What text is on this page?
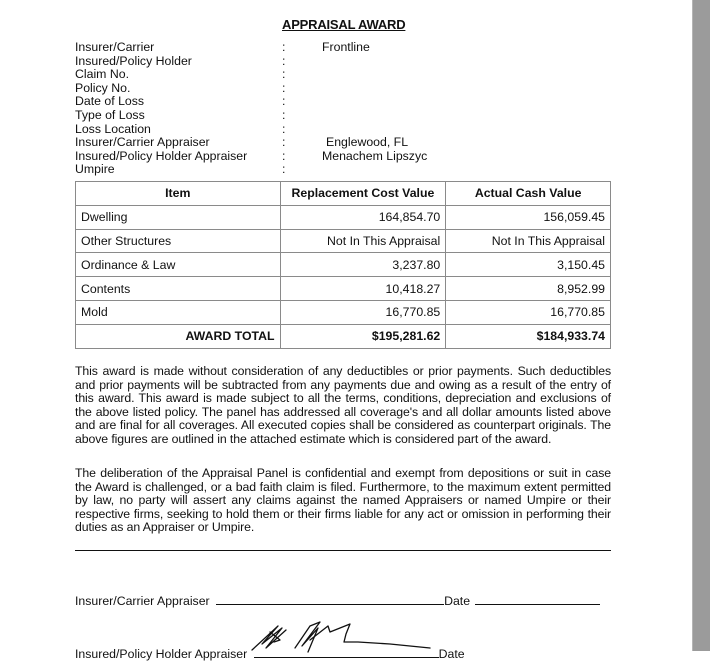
APPRAISAL AWARD
Insurer/Carrier	:	Frontline
Insured/Policy Holder	:
Claim No.	:
Policy No.	:
Date of Loss	:
Type of Loss	:
Loss Location	:
Insurer/Carrier Appraiser	:	Englewood, FL
Insured/Policy Holder Appraiser	:	Menachem Lipszyc
Umpire	:
Item	Replacement Cost Value	Actual Cash Value
Dwelling	164,854.70	156,059.45
Other Structures	Not In This Appraisal	Not In This Appraisal
Ordinance & Law	3,237.80	3,150.45
Contents	10,418.27	8,952.99
Mold	16,770.85	16,770.85
AWARD TOTAL	$195,281.62	$184,933.74
This award is made without consideration of any deductibles or prior payments. Such deductibles and prior payments will be subtracted from any payments due and owing as a result of the entry of this award. This award is made subject to all the terms, conditions, depreciation and exclusions of the above listed policy. The panel has addressed all coverage's and all dollar amounts listed above and are final for all coverages. All executed copies shall be considered as counterpart originals. The above figures are outlined in the attached estimate which is considered part of the award.
The deliberation of the Appraisal Panel is confidential and exempt from depositions or suit in case the Award is challenged, or a bad faith claim is filed. Furthermore, to the maximum extent permitted by law, no party will assert any claims against the named Appraisers or named Umpire or their respective firms, seeking to hold them or their firms liable for any act or omission in performing their duties as an Appraiser or Umpire.
Insurer/Carrier Appraiser	Date
Insured/Policy Holder Appraiser	Date
